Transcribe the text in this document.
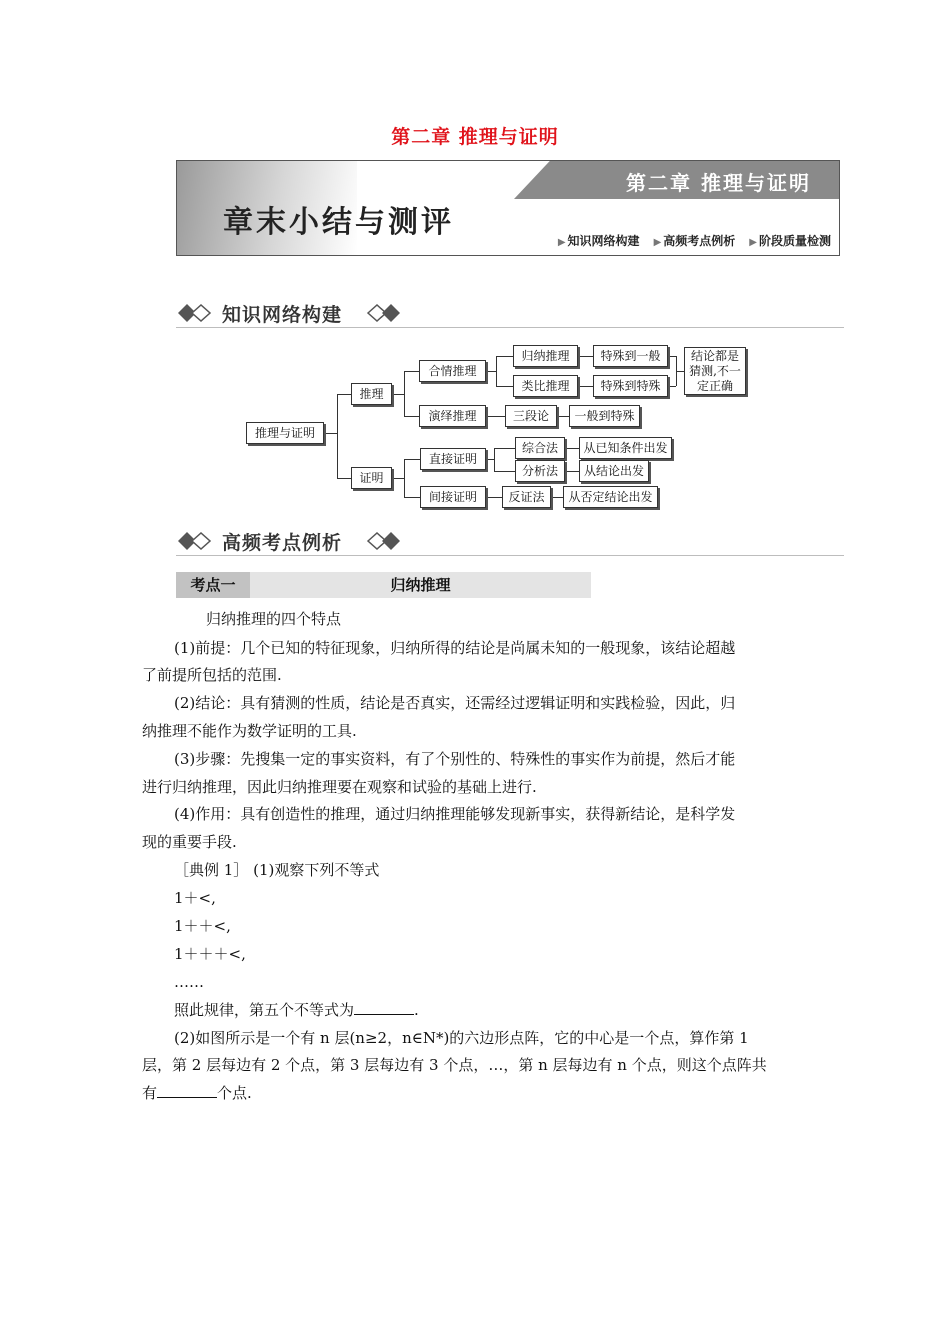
第二章 推理与证明
第二章 推理与证明
章末小结与测评
▶ 知识网络构建 ▶ 高频考点例析 ▶ 阶段质量检测
知识网络构建
推理与证明
推理
证明
合情推理
演绎推理
归纳推理
类比推理
特殊到一般
特殊到特殊
结论都是猜测,不一定正确
三段论	一般到特殊
直接证明
间接证明
综合法
分析法
从已知条件出发
从结论出发
反证法	从否定结论出发
高频考点例析
考点一	归纳推理
归纳推理的四个特点
(1)前提：几个已知的特征现象，归纳所得的结论是尚属未知的一般现象，该结论超越
了前提所包括的范围.
(2)结论：具有猜测的性质，结论是否真实，还需经过逻辑证明和实践检验，因此，归
纳推理不能作为数学证明的工具.
(3)步骤：先搜集一定的事实资料，有了个别性的、特殊性的事实作为前提，然后才能
进行归纳推理，因此归纳推理要在观察和试验的基础上进行.
(4)作用：具有创造性的推理，通过归纳推理能够发现新事实，获得新结论，是科学发
现的重要手段.
［典例 1］ (1)观察下列不等式
1＋<,
1＋＋<,
1＋＋＋<,
……
照此规律，第五个不等式为	.
(2)如图所示是一个有 n 层(n≥2，n∈N*)的六边形点阵，它的中心是一个点，算作第 1
层，第 2 层每边有 2 个点，第 3 层每边有 3 个点，…，第 n 层每边有 n 个点，则这个点阵共
有	个点.
